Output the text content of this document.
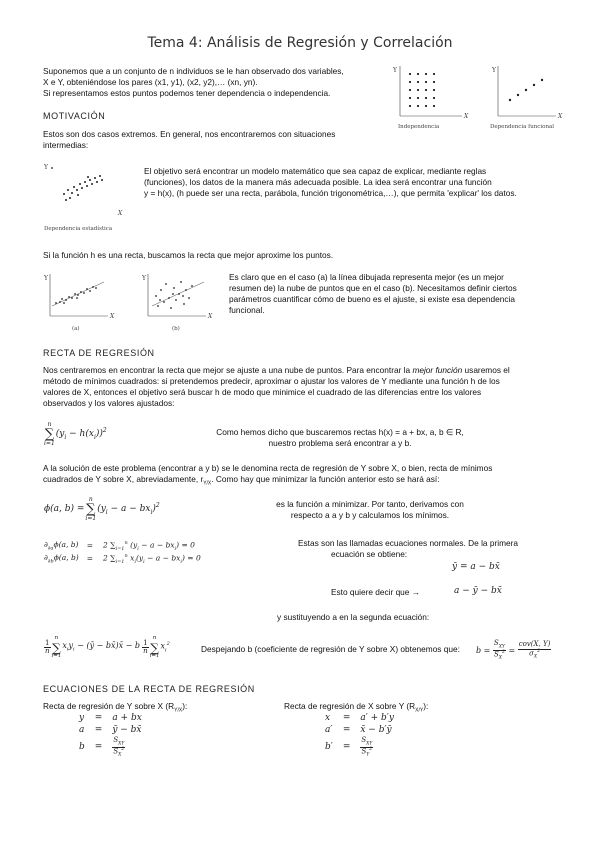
Tema 4: Análisis de Regresión y Correlación

Suponemos que a un conjunto de n individuos se le han observado dos variables,

X e Y, obteniéndose los pares (x1, y1), (x2, y2),… (xn, yn).

Si representamos estos puntos podemos tener dependencia o independencia.

Y
X
Independencia
Y
X
Dependencia funcional
MOTIVACIÓN

Estos son dos casos extremos. En general, nos encontraremos con situaciones

intermedias:

Y
X
Dependencia estadística

El objetivo será encontrar un modelo matemático que sea capaz de explicar, mediante reglas

(funciones), los datos de la manera más adecuada posible. La idea será encontrar una función

y = h(x), (h puede ser una recta, parábola, función trigonométrica,…), que permita 'explicar' los datos.

Si la función h es una recta, buscamos la recta que mejor aproxime los puntos.

Y
X
(a)
Y
X
(b)

Es claro que en el caso (a) la línea dibujada representa mejor (es un mejor

resumen de) la nube de puntos que en el caso (b). Necesitamos definir ciertos

parámetros cuantificar cómo de bueno es el ajuste, si existe esa dependencia

funcional.

RECTA DE REGRESIÓN

Nos centraremos en encontrar la recta que mejor se ajuste a una nube de puntos. Para encontrar la mejor función usaremos el

método de mínimos cuadrados: si pretendemos predecir, aproximar o ajustar los valores de Y mediante una función h de los

valores de X, entonces el objetivo será buscar h de modo que minimice el cuadrado de las diferencias entre los valores

observados y los valores ajustados:

n
∑
i=1
	$(y_i - h(x_i))^2$	Como hemos dicho que buscaremos rectas h(x) = a + bx, a, b ∈ R,

nuestro problema será encontrar a y b.

A la solución de este problema (encontrar a y b) se le denomina recta de regresión de Y sobre X, o bien, recta de mínimos

cuadrados de Y sobre X, abreviadamente, $r_{Y/X}$. Como hay que minimizar la función anterior esto se hará así:

ϕ(a, b) =	
n
∑
i=1
	$(y_i - a - bx_i)^2$	es la función a minimizar. Por tanto, derivamos con

respecto a a y b y calculamos los mínimos.

$\partial_{\partial a}\phi(a$, b)	=	2 $\sum_{i=1}^n$ $(y_i - a - bx_i) = 0$
$\partial_{\partial b}\phi(a$, b)	=	2 $\sum_{i=1}^n$ $x_i(y_i - a - bx_i) = 0$

Estas son las llamadas ecuaciones normales. De la primera

ecuación se obtiene:

ȳ = a − bx̄

Esto quiere decir que →	a − ȳ − bx̄

y sustituyendo a en la segunda ecuación:

$\frac{1}{n}$

n
∑
i=1
	$x_iy_i$ − (ȳ − bx̄)x̄ − b	$\frac{1}{n}$

n
∑
i=1
	$x_i^2$	Despejando b (coeficiente de regresión de Y sobre X) obtenemos que: $b = \frac{S_{XY}}{S_X^2} = \frac{\text{cov(X, Y)}}{\sigma_X^2}$
ECUACIONES DE LA RECTA DE REGRESIÓN

Recta de regresión de Y sobre X $(R_{Y/X})$:	Recta de regresión de X sobre Y $(R_{X/Y})$:

y	=	a + bx
a	=	ȳ − bx̄
b	=	$\frac{S_{XY}}{S_X^2}$
x	=	a′ + b′y
a′	=	x̄ − b′ȳ
b′	=	$\frac{S_{XY}}{S_Y^2}$
